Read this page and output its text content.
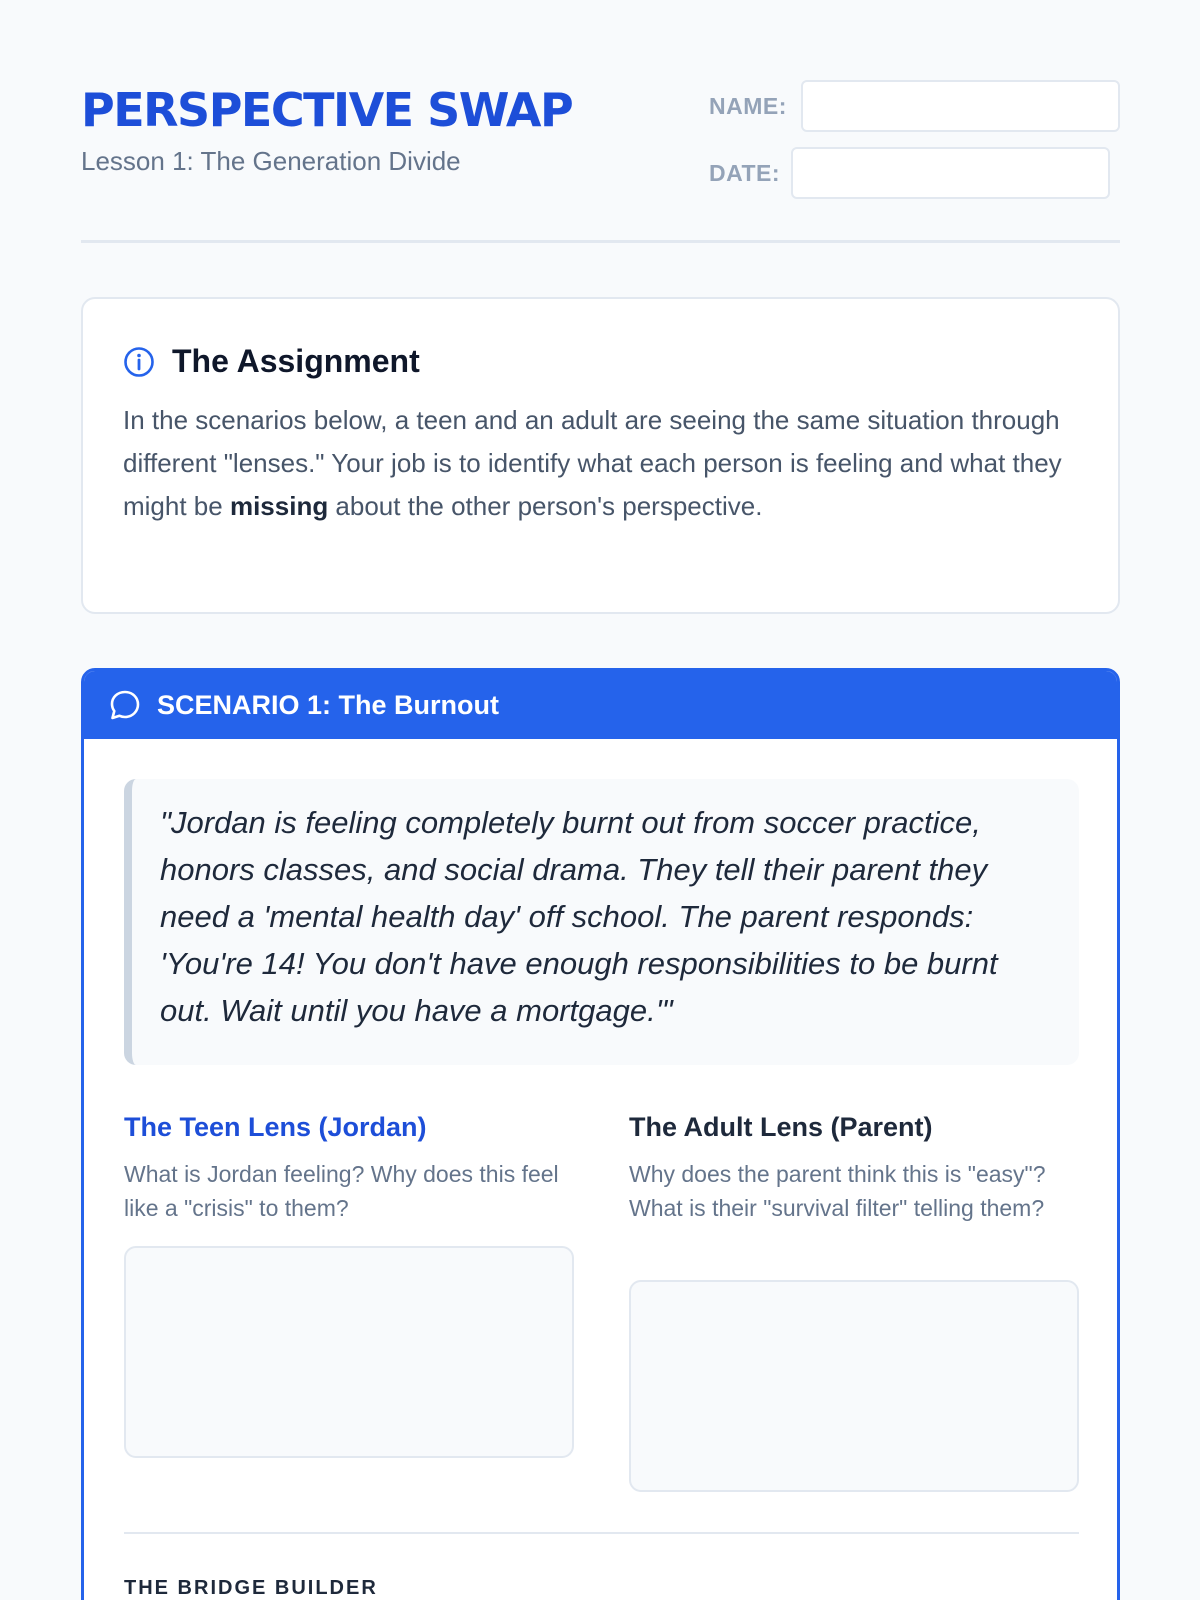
PERSPECTIVE SWAP
Lesson 1: The Generation Divide
NAME:
DATE:
The Assignment
In the scenarios below, a teen and an adult are seeing the same situation through different "lenses." Your job is to identify what each person is feeling and what they might be missing about the other person's perspective.
SCENARIO 1: The Burnout
"Jordan is feeling completely burnt out from soccer practice, honors classes, and social drama. They tell their parent they need a 'mental health day' off school. The parent responds: 'You're 14! You don't have enough responsibilities to be burnt out. Wait until you have a mortgage.'"
The Teen Lens (Jordan)
What is Jordan feeling? Why does this feel like a "crisis" to them?
The Adult Lens (Parent)
Why does the parent think this is "easy"? What is their "survival filter" telling them?
THE BRIDGE BUILDER
